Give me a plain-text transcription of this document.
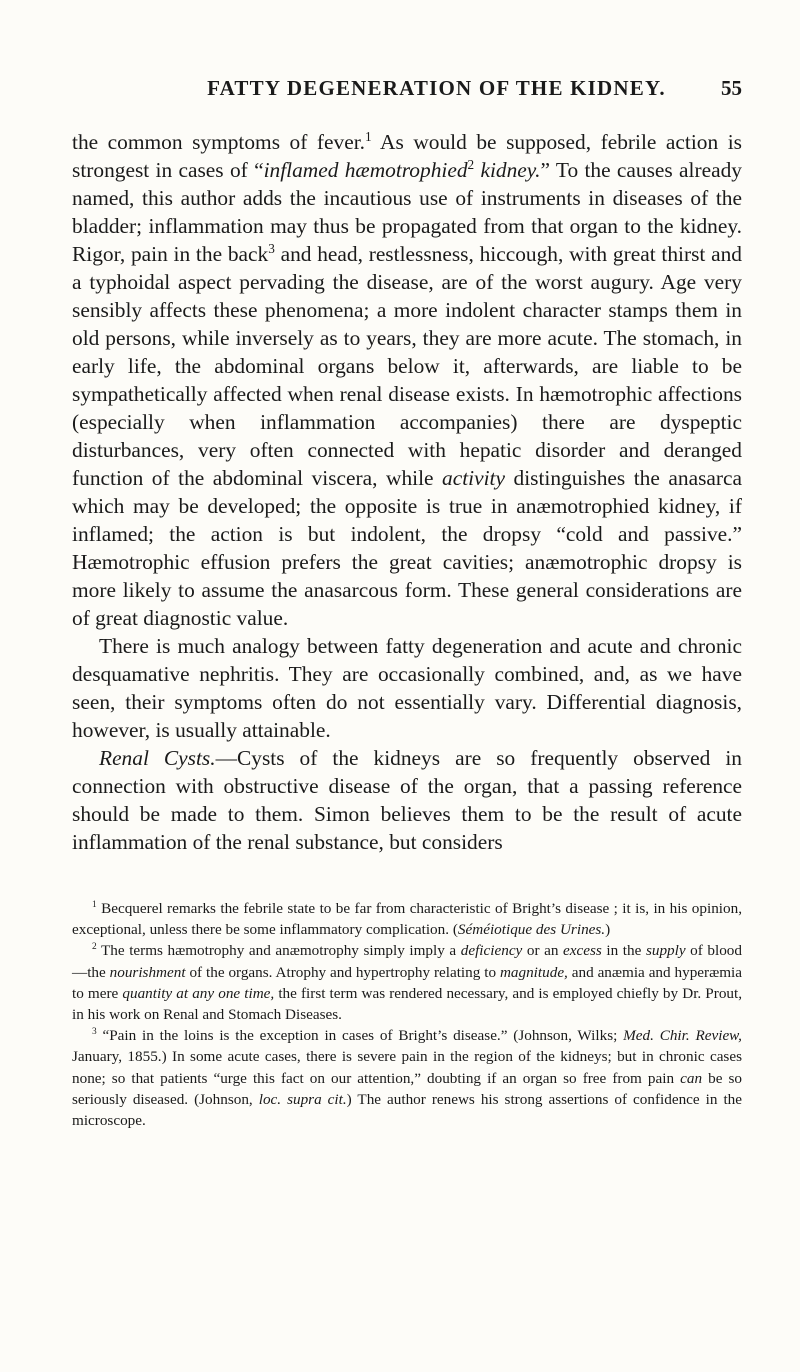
FATTY DEGENERATION OF THE KIDNEY.	55

the common symptoms of fever.$^1$ As would be supposed, febrile action is strongest in cases of “inflamed hæmotrophied$^2$ kidney.” To the causes already named, this author adds the incautious use of instruments in diseases of the bladder; inflammation may thus be propagated from that organ to the kidney. Rigor, pain in the back$^3$ and head, restlessness, hiccough, with great thirst and a typhoidal aspect pervading the disease, are of the worst augury. Age very sensibly affects these phenomena; a more indolent character stamps them in old persons, while inversely as to years, they are more acute. The stomach, in early life, the abdominal organs below it, afterwards, are liable to be sympathetically affected when renal disease exists. In hæmotrophic affections (especially when inflammation accompanies) there are dyspeptic disturbances, very often connected with hepatic disorder and deranged function of the abdominal viscera, while activity distinguishes the anasarca which may be developed; the opposite is true in anæmotrophied kidney, if inflamed; the action is but indolent, the dropsy “cold and passive.” Hæmotrophic effusion prefers the great cavities; anæmotrophic dropsy is more likely to assume the anasarcous form. These general considerations are of great diagnostic value.

There is much analogy between fatty degeneration and acute and chronic desquamative nephritis. They are occasionally combined, and, as we have seen, their symptoms often do not essentially vary. Differential diagnosis, however, is usually attainable.

Renal Cysts.—Cysts of the kidneys are so frequently observed in connection with obstructive disease of the organ, that a passing reference should be made to them. Simon believes them to be the result of acute inflammation of the renal substance, but considers

$^1$ Becquerel remarks the febrile state to be far from characteristic of Bright’s disease ; it is, in his opinion, exceptional, unless there be some inflammatory complication. (Séméiotique des Urines.)

$^2$ The terms hæmotrophy and anæmotrophy simply imply a deficiency or an excess in the supply of blood—the nourishment of the organs. Atrophy and hypertrophy relating to magnitude, and anæmia and hyperæmia to mere quantity at any one time, the first term was rendered necessary, and is employed chiefly by Dr. Prout, in his work on Renal and Stomach Diseases.

$^3$ “Pain in the loins is the exception in cases of Bright’s disease.” (Johnson, Wilks; Med. Chir. Review, January, 1855.) In some acute cases, there is severe pain in the region of the kidneys; but in chronic cases none; so that patients “urge this fact on our attention,” doubting if an organ so free from pain can be so seriously diseased. (Johnson, loc. supra cit.) The author renews his strong assertions of confidence in the microscope.
